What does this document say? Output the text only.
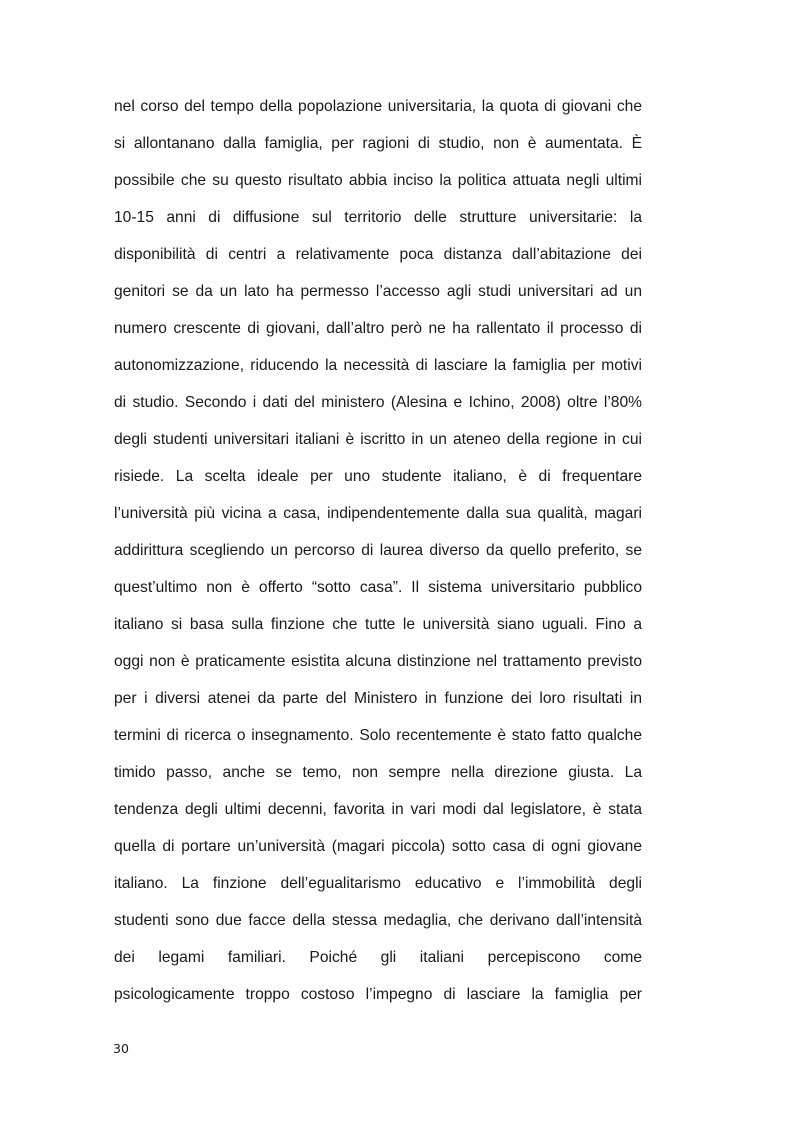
nel corso del tempo della popolazione universitaria, la quota di giovani che
si allontanano dalla famiglia, per ragioni di studio, non è aumentata. È
possibile che su questo risultato abbia inciso la politica attuata negli ultimi
10-15 anni di diffusione sul territorio delle strutture universitarie: la
disponibilità di centri a relativamente poca distanza dall’abitazione dei
genitori se da un lato ha permesso l’accesso agli studi universitari ad un
numero crescente di giovani, dall’altro però ne ha rallentato il processo di
autonomizzazione, riducendo la necessità di lasciare la famiglia per motivi
di studio. Secondo i dati del ministero (Alesina e Ichino, 2008) oltre l’80%
degli studenti universitari italiani è iscritto in un ateneo della regione in cui
risiede. La scelta ideale per uno studente italiano, è di frequentare
l’università più vicina a casa, indipendentemente dalla sua qualità, magari
addirittura scegliendo un percorso di laurea diverso da quello preferito, se
quest’ultimo non è offerto “sotto casa”. Il sistema universitario pubblico
italiano si basa sulla finzione che tutte le università siano uguali. Fino a
oggi non è praticamente esistita alcuna distinzione nel trattamento previsto
per i diversi atenei da parte del Ministero in funzione dei loro risultati in
termini di ricerca o insegnamento. Solo recentemente è stato fatto qualche
timido passo, anche se temo, non sempre nella direzione giusta. La
tendenza degli ultimi decenni, favorita in vari modi dal legislatore, è stata
quella di portare un’università (magari piccola) sotto casa di ogni giovane
italiano. La finzione dell’egualitarismo educativo e l’immobilità degli
studenti sono due facce della stessa medaglia, che derivano dall’intensità
dei legami familiari. Poiché gli italiani percepiscono come
psicologicamente troppo costoso l’impegno di lasciare la famiglia per
30
